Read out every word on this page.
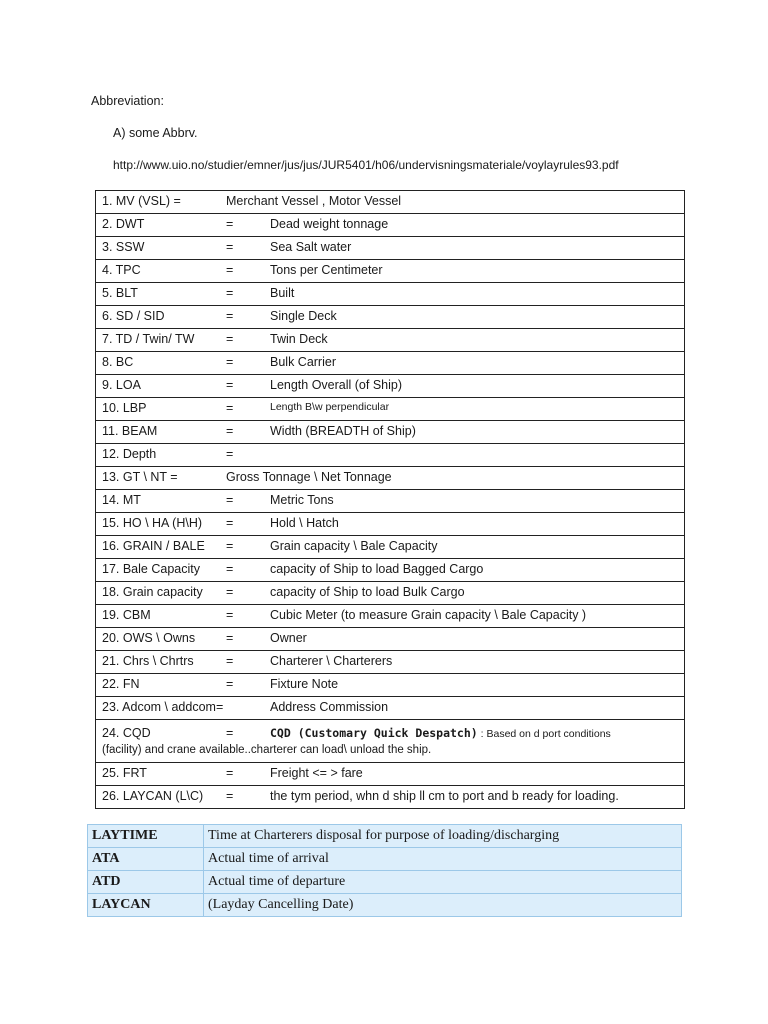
Abbreviation:
A) some Abbrv.
http://www.uio.no/studier/emner/jus/jus/JUR5401/h06/undervisningsmateriale/voylayrules93.pdf
1. MV (VSL) =	Merchant Vessel , Motor Vessel

2. DWT	=	Dead weight tonnage

3. SSW	=	Sea Salt water

4. TPC	=	Tons per Centimeter

5. BLT	=	Built

6. SD / SID	=	Single Deck

7. TD / Twin/ TW	=	Twin Deck

8. BC	=	Bulk Carrier

9. LOA	=	Length Overall (of Ship)

10. LBP	=	Length B\w perpendicular

11. BEAM	=	Width (BREADTH of Ship)

12. Depth	=

13. GT \ NT =	Gross Tonnage \ Net Tonnage

14. MT	=	Metric Tons

15. HO \ HA (H\H) =	Hold \ Hatch

16. GRAIN / BALE =	Grain capacity \ Bale Capacity

17. Bale Capacity =	capacity of Ship to load Bagged Cargo

18. Grain capacity =	capacity of Ship to load Bulk Cargo

19. CBM	=	Cubic Meter (to measure Grain capacity \ Bale Capacity )

20. OWS \ Owns =	Owner

21. Chrs \ Chrtrs	=	Charterer \ Charterers

22. FN	=	Fixture Note

23. Adcom \ addcom=	Address Commission

24. CQD	=	CQD (Customary Quick Despatch) : Based on d port conditions
(facility) and crane available..charterer can load\ unload the ship.

25. FRT	=	Freight <= > fare

26. LAYCAN (L\C) =	the tym period, whn d ship ll cm to port and b ready for loading.
LAYTIME	Time at Charterers disposal for purpose of loading/discharging
ATA	Actual time of arrival
ATD	Actual time of departure
LAYCAN	(Layday Cancelling Date)
